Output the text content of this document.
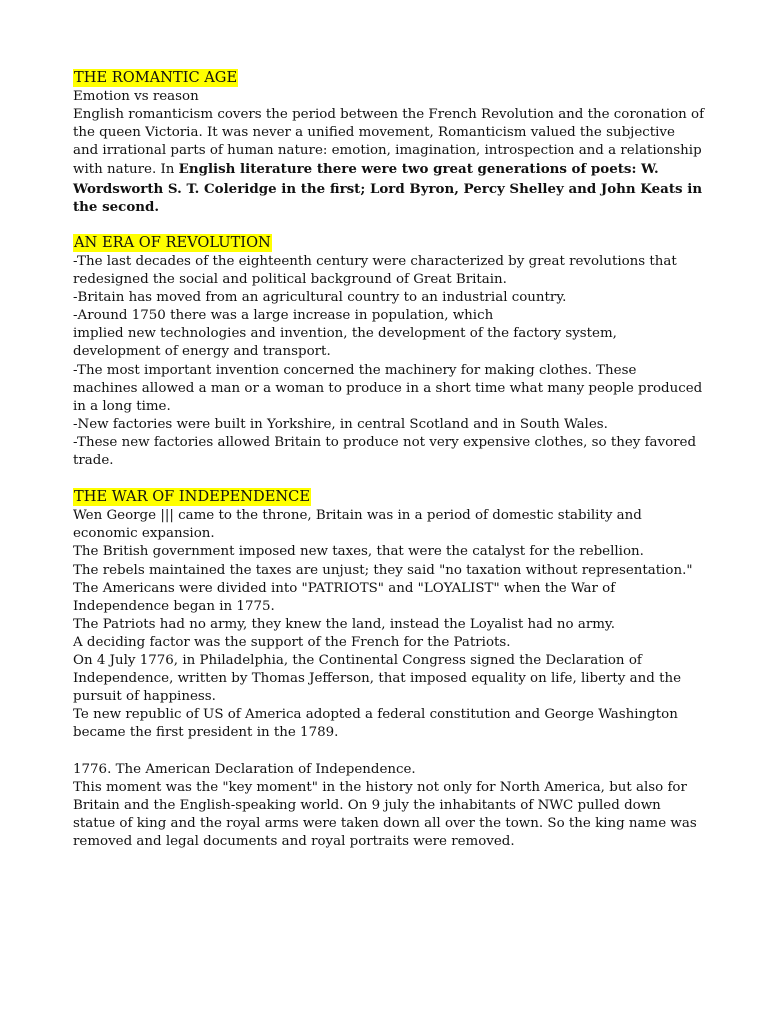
THE ROMANTIC AGE
Emotion vs reason
English romanticism covers the period between the French Revolution and the coronation of
the queen Victoria. It was never a unified movement, Romanticism valued the subjective
and irrational parts of human nature: emotion, imagination, introspection and a relationship
with nature. In English literature there were two great generations of poets: W.
Wordsworth S. T. Coleridge in the first; Lord Byron, Percy Shelley and John Keats in
the second.
AN ERA OF REVOLUTION
-The last decades of the eighteenth century were characterized by great revolutions that
redesigned the social and political background of Great Britain.
-Britain has moved from an agricultural country to an industrial country.
-Around 1750 there was a large increase in population, which
implied new technologies and invention, the development of the factory system,
development of energy and transport.
-The most important invention concerned the machinery for making clothes. These
machines allowed a man or a woman to produce in a short time what many people produced
in a long time.
-New factories were built in Yorkshire, in central Scotland and in South Wales.
-These new factories allowed Britain to produce not very expensive clothes, so they favored
trade.
THE WAR OF INDEPENDENCE
Wen George ||| came to the throne, Britain was in a period of domestic stability and
economic expansion.
The British government imposed new taxes, that were the catalyst for the rebellion.
The rebels maintained the taxes are unjust; they said "no taxation without representation."
The Americans were divided into "PATRIOTS" and "LOYALIST" when the War of
Independence began in 1775.
The Patriots had no army, they knew the land, instead the Loyalist had no army.
A deciding factor was the support of the French for the Patriots.
On 4 July 1776, in Philadelphia, the Continental Congress signed the Declaration of
Independence, written by Thomas Jefferson, that imposed equality on life, liberty and the
pursuit of happiness.
Te new republic of US of America adopted a federal constitution and George Washington
became the first president in the 1789.
1776. The American Declaration of Independence.
This moment was the "key moment" in the history not only for North America, but also for
Britain and the English-speaking world. On 9 july the inhabitants of NWC pulled down
statue of king and the royal arms were taken down all over the town. So the king name was
removed and legal documents and royal portraits were removed.
